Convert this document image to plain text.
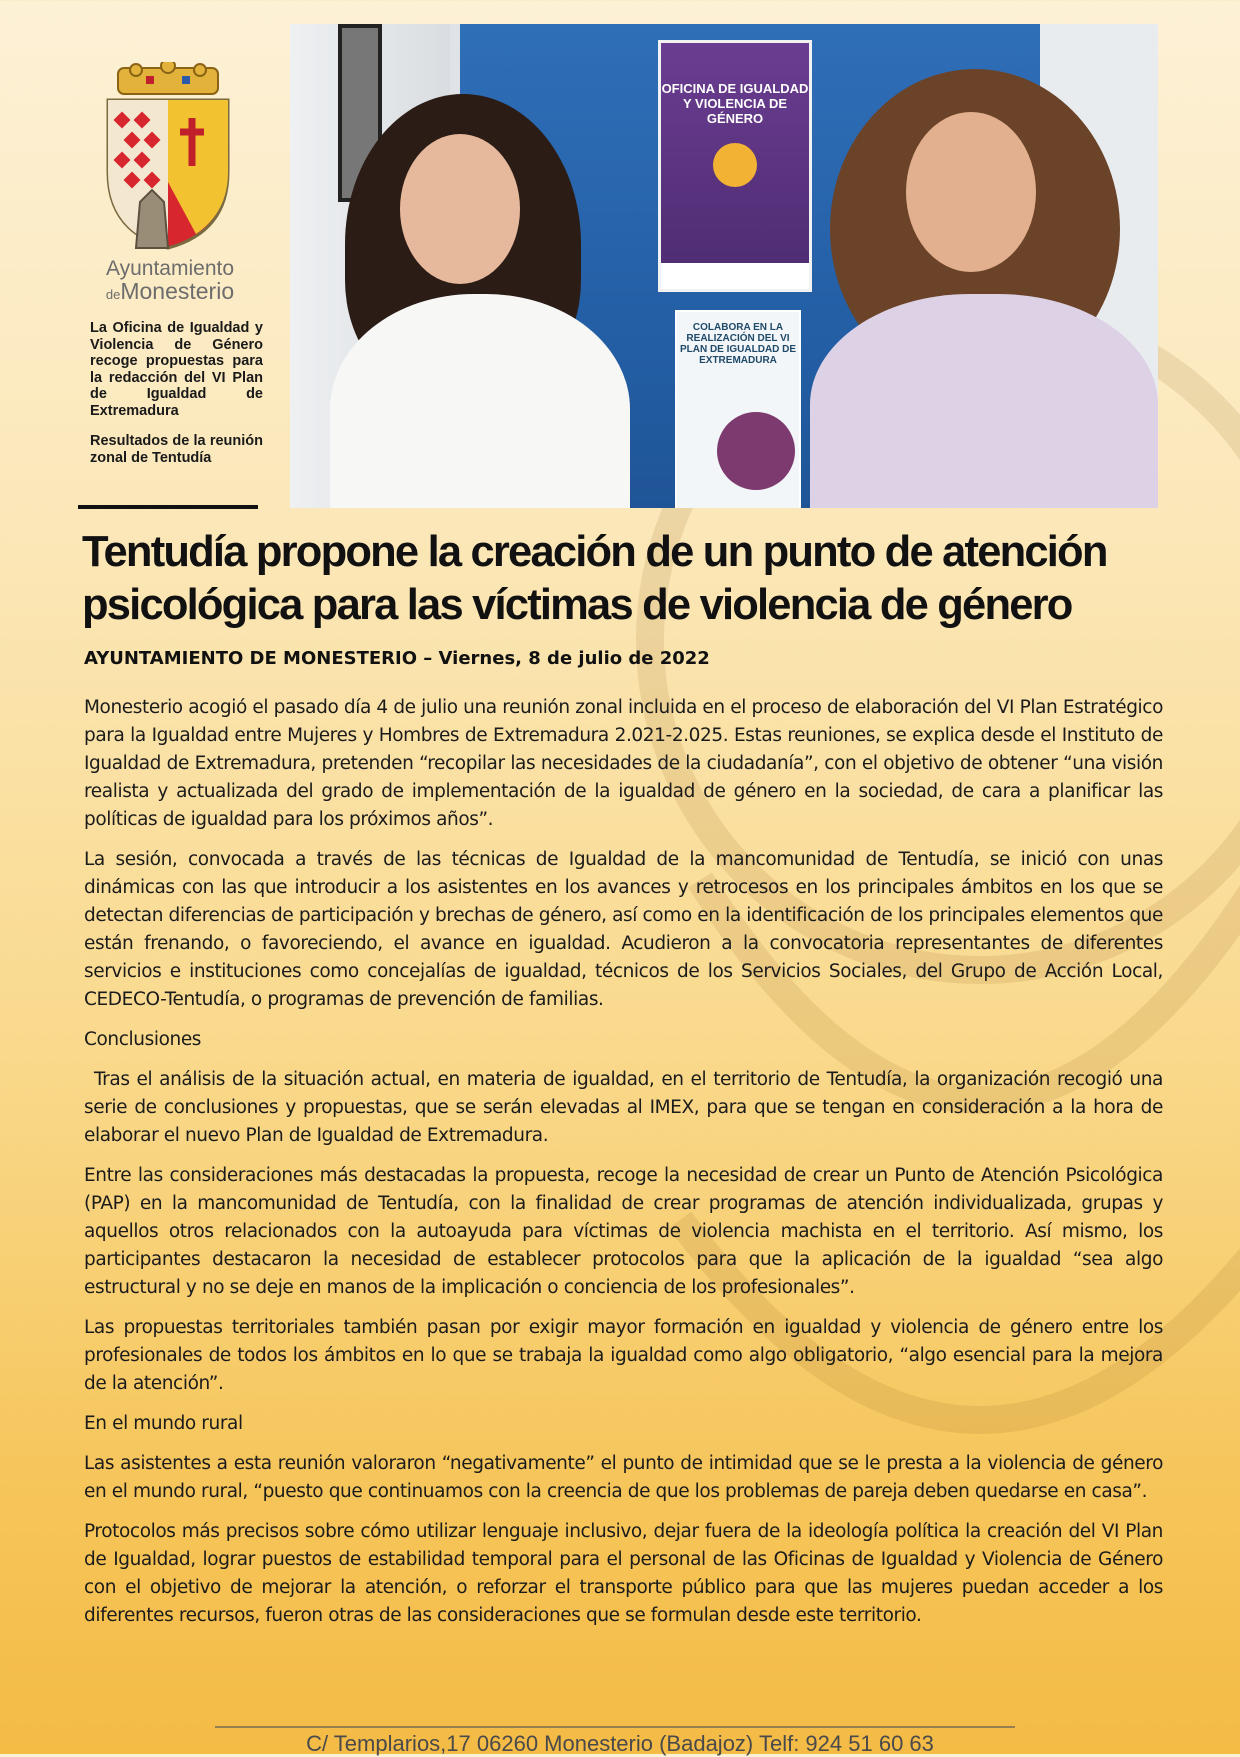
Ayuntamiento
deMonesterio

La Oficina de Igualdad y Violencia de Género recoge propuestas para la redacción del VI Plan de Igualdad de Extremadura

Resultados de la reunión zonal de Tentudía

OFICINA DE IGUALDAD Y VIOLENCIA DE GÉNERO
COLABORA EN LA REALIZACIÓN DEL VI PLAN DE IGUALDAD DE EXTREMADURA
Tentudía propone la creación de un punto de atención psicológica para las víctimas de violencia de género

AYUNTAMIENTO DE MONESTERIO – Viernes, 8 de julio de 2022

Monesterio acogió el pasado día 4 de julio una reunión zonal incluida en el proceso de elaboración del VI Plan Estratégico para la Igualdad entre Mujeres y Hombres de Extremadura 2.021-2.025. Estas reuniones, se explica desde el Instituto de Igualdad de Extremadura, pretenden “recopilar las necesidades de la ciudadanía”, con el objetivo de obtener “una visión realista y actualizada del grado de implementación de la igualdad de género en la sociedad, de cara a planificar las políticas de igualdad para los próximos años”.

La sesión, convocada a través de las técnicas de Igualdad de la mancomunidad de Tentudía, se inició con unas dinámicas con las que introducir a los asistentes en los avances y retrocesos en los principales ámbitos en los que se detectan diferencias de participación y brechas de género, así como en la identificación de los principales elementos que están frenando, o favoreciendo, el avance en igualdad. Acudieron a la convocatoria representantes de diferentes servicios e instituciones como concejalías de igualdad, técnicos de los Servicios Sociales, del Grupo de Acción Local, CEDECO-Tentudía, o programas de prevención de familias.

Conclusiones

Tras el análisis de la situación actual, en materia de igualdad, en el territorio de Tentudía, la organización recogió una serie de conclusiones y propuestas, que se serán elevadas al IMEX, para que se tengan en consideración a la hora de elaborar el nuevo Plan de Igualdad de Extremadura.

Entre las consideraciones más destacadas la propuesta, recoge la necesidad de crear un Punto de Atención Psicológica (PAP) en la mancomunidad de Tentudía, con la finalidad de crear programas de atención individualizada, grupas y aquellos otros relacionados con la autoayuda para víctimas de violencia machista en el territorio. Así mismo, los participantes destacaron la necesidad de establecer protocolos para que la aplicación de la igualdad “sea algo estructural y no se deje en manos de la implicación o conciencia de los profesionales”.

Las propuestas territoriales también pasan por exigir mayor formación en igualdad y violencia de género entre los profesionales de todos los ámbitos en lo que se trabaja la igualdad como algo obligatorio, “algo esencial para la mejora de la atención”.

En el mundo rural

Las asistentes a esta reunión valoraron “negativamente” el punto de intimidad que se le presta a la violencia de género en el mundo rural, “puesto que continuamos con la creencia de que los problemas de pareja deben quedarse en casa”.

Protocolos más precisos sobre cómo utilizar lenguaje inclusivo, dejar fuera de la ideología política la creación del VI Plan de Igualdad, lograr puestos de estabilidad temporal para el personal de las Oficinas de Igualdad y Violencia de Género con el objetivo de mejorar la atención, o reforzar el transporte público para que las mujeres puedan acceder a los diferentes recursos, fueron otras de las consideraciones que se formulan desde este territorio.

C/ Templarios,17 06260 Monesterio (Badajoz) Telf: 924 51 60 63
